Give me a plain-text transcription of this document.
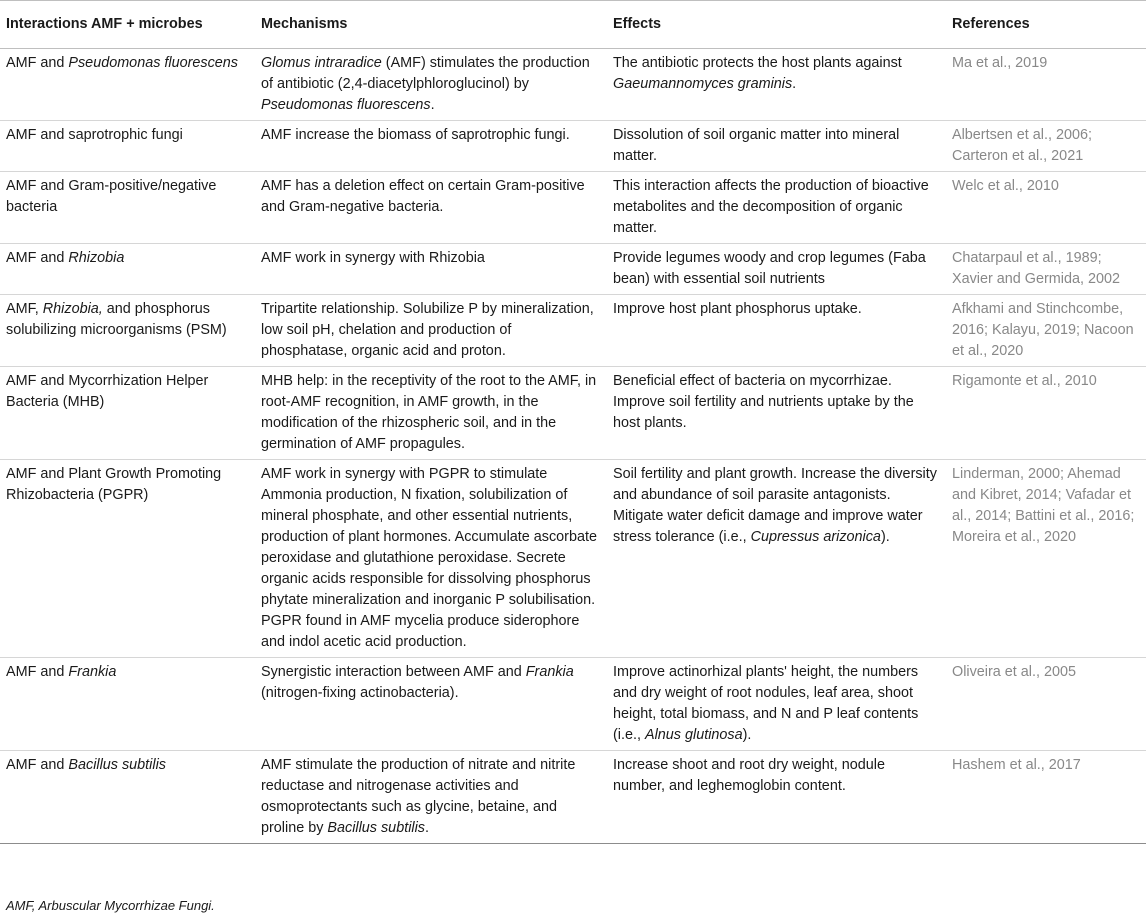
Interactions AMF + microbes	Mechanisms	Effects	References
AMF and Pseudomonas fluorescens	Glomus intraradice (AMF) stimulates the production of antibiotic (2,4-diacetylphloroglucinol) by Pseudomonas fluorescens.	The antibiotic protects the host plants against Gaeumannomyces graminis.	Ma et al., 2019
AMF and saprotrophic fungi	AMF increase the biomass of saprotrophic fungi.	Dissolution of soil organic matter into mineral matter.	Albertsen et al., 2006; Carteron et al., 2021
AMF and Gram-positive/negative bacteria	AMF has a deletion effect on certain Gram-positive and Gram-negative bacteria.	This interaction affects the production of bioactive metabolites and the decomposition of organic matter.	Welc et al., 2010
AMF and Rhizobia	AMF work in synergy with Rhizobia	Provide legumes woody and crop legumes (Faba bean) with essential soil nutrients	Chatarpaul et al., 1989; Xavier and Germida, 2002
AMF, Rhizobia, and phosphorus solubilizing microorganisms (PSM)	Tripartite relationship. Solubilize P by mineralization, low soil pH, chelation and production of phosphatase, organic acid and proton.	Improve host plant phosphorus uptake.	Afkhami and Stinchcombe, 2016; Kalayu, 2019; Nacoon et al., 2020
AMF and Mycorrhization Helper Bacteria (MHB)	MHB help: in the receptivity of the root to the AMF, in root-AMF recognition, in AMF growth, in the modification of the rhizospheric soil, and in the germination of AMF propagules.	Beneficial effect of bacteria on mycorrhizae. Improve soil fertility and nutrients uptake by the host plants.	Rigamonte et al., 2010
AMF and Plant Growth Promoting Rhizobacteria (PGPR)	AMF work in synergy with PGPR to stimulate Ammonia production, N fixation, solubilization of mineral phosphate, and other essential nutrients, production of plant hormones. Accumulate ascorbate peroxidase and glutathione peroxidase. Secrete organic acids responsible for dissolving phosphorus phytate mineralization and inorganic P solubilisation. PGPR found in AMF mycelia produce siderophore and indol acetic acid production.	Soil fertility and plant growth. Increase the diversity and abundance of soil parasite antagonists. Mitigate water deficit damage and improve water stress tolerance (i.e., Cupressus arizonica).	Linderman, 2000; Ahemad and Kibret, 2014; Vafadar et al., 2014; Battini et al., 2016; Moreira et al., 2020
AMF and Frankia	Synergistic interaction between AMF and Frankia (nitrogen-fixing actinobacteria).	Improve actinorhizal plants' height, the numbers and dry weight of root nodules, leaf area, shoot height, total biomass, and N and P leaf contents (i.e., Alnus glutinosa).	Oliveira et al., 2005
AMF and Bacillus subtilis	AMF stimulate the production of nitrate and nitrite reductase and nitrogenase activities and osmoprotectants such as glycine, betaine, and proline by Bacillus subtilis.	Increase shoot and root dry weight, nodule number, and leghemoglobin content.	Hashem et al., 2017
AMF, Arbuscular Mycorrhizae Fungi.
